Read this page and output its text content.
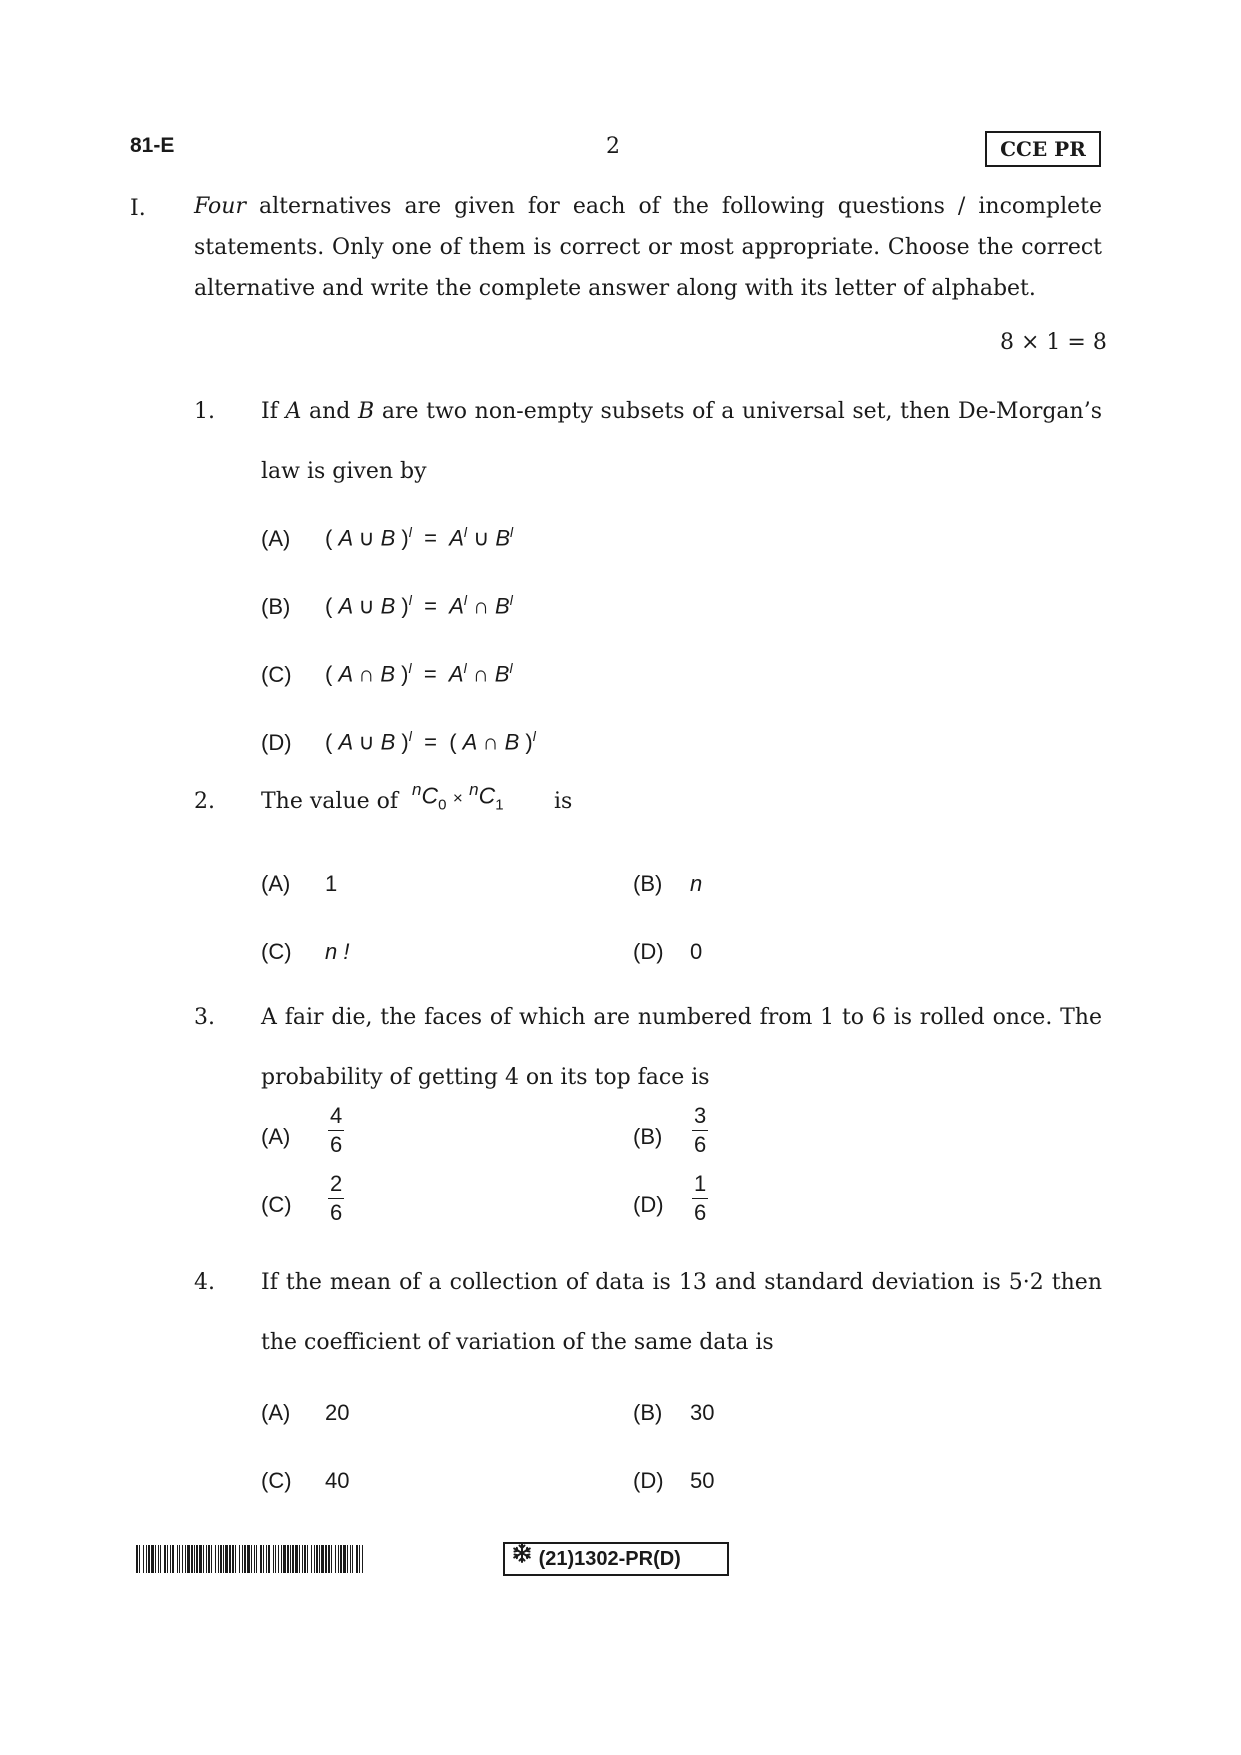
81-E	2	CCE PR
I. Four alternatives are given for each of the following questions / incomplete
statements. Only one of them is correct or most appropriate. Choose the correct
alternative and write the complete answer along with its letter of alphabet.
8 × 1 = 8
1. If A and B are two non-empty subsets of a universal set, then De-Morgan’s
law is given by
(A) ( A ∪ B )$^l = A^l$ ∪ $B^l$
(B) ( A ∪ B )$^l = A^l$ ∩ $B^l$
(C) ( A ∩ B )$^l = A^l$ ∩ $B^l$
(D) ( A ∪ B )$^l$ = ( A ∩ B )$^l$
2. The value of $^nC_0 \times ^nC_1$ is
(A) 1	(B) n
(C) n !	(D) 0
3. A fair die, the faces of which are numbered from 1 to 6 is rolled once. The
probability of getting 4 on its top face is
$(A) \frac{4}{6}$	$(B) \frac{3}{6}$
$(C) \frac{2}{6}$	$(D) \frac{1}{6}$
4. If the mean of a collection of data is 13 and standard deviation is 5·2 then
the coefficient of variation of the same data is
(A) 20	(B) 30
(C) 40	(D) 50
(21)1302-PR(D)
